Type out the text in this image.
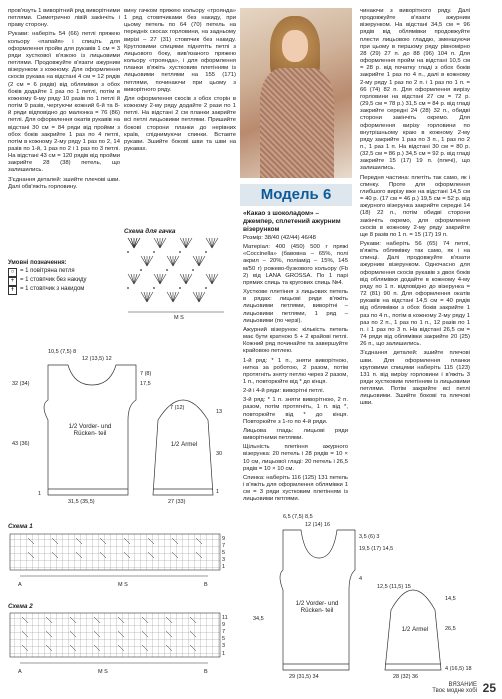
пров'язуть 1 виворітний ряд виворітними петлями. Симетрично лівій закінчіть і праву сторону.

Рукави: наберіть 54 (66) петлі пряжею кольору «папайя» і спиціть для оформлення пройм для рукавів 1 см = 3 ряди хусткової в'язкою із лицьовими петлями. Продовжуйте в'язати ажурним візерунком з кожному. Для оформлення скосів рукава на відстані 4 см = 12 рядів (2 см = 6 рядів) від облямівки з обох боків додайте 1 раз по 1 петлі, потім в кожному 6-му ряду 10 разів по 1 петлі й потім 9 разів, чергуючи кожний 6-й та 8-й ряди відповідно до малюнка = 76 (86) петлі. Для оформлення окатів рукавів на відстані 30 см = 84 ряди від пройми з обох боків закрийте 1 раз по 4 петлі, потім в кожному 2-му ряду 1 раз по 2, 14 разів по 1-й, 1 раз по 2 і 1 раз по 3 петлі. На відстані 43 см = 120 рядів від пройми закрийте 28 (38) петель, що залишились.

З'єднання деталей: зшийте плечові шви. Далі обв'яжіть горловину.

Умовні позначення:
○ = 1 повітряна петля
+ = 1 стовпчик без накиду
Ŧ = 1 стовпчик з накидом

вину гачком пряжею кольору «троянда» 1 ряд стовпчиками без накиду, при цьому петель по 64 (70) петель на передніх скосах горловини, на задньому вирізі – 27 (31) стовпчик без накиду. Кругловими спицями піднятіть петлі з лицьового боку, вив'язаного пряжею кольору «троянда», і для оформлення планки в'яжіть хустковим плетінням із лицьовими петлями на 155 (171) петлями, починаючи при цьому з виворітного ряду.

Для оформлення скосів з обох сторін в кожному 2-му ряду додайте 2 рази по 1 петлі. На відстані 2 см планки закрийте всі петлі лицьовими петлями. Пришийте бокові сторони планки до нерівних країв, спіднимуючи спинки. Вставте рукави. Зшийте бокові шви та шви на рукавах.

Схема для гачка
M S
Модель 6
«Какао з шоколадом» – джемпер, сплетений ажурним візерунком

Розмір: 38/40 (42/44) 46/48

Матеріал: 400 (450) 500 г пряжі «Coccinella» (бавовна – 65%, полі акрил – 20%, поліамід – 15%, 145 м/50 г) рожево-бузкового кольору (Fb 2) від LANA GROSSA. По 1 парі прямих спиць та кругових спиць №4.

Хусткове плетіння з лицьових петель в рядах: лицьові ряди в'яжіть лицьовими петлями, виворітні – лицьовими петлями, 1 ряд – лицьовими (по черзі).

Ажурний візерунок: кількість петель має бути кратною 5 + 2 крайові петлі. Кожний ряд починайте та завершуйте крайовою петлею.

1-й ряд: * 1 п., зняти виворітною, нитка за роботою, 2 разом, потім протягніть зняту петлю через 2 разом, 1 п., повторюйте від * до кінця.

2-й і 4-й ряди: виворітні петлі.

3-й ряд: * 1 п. зняти виворітною, 2 п. разом, потім протягніть, 1 п. від *, повторюйте від * до кінця. Повторюйте з 1-го по 4-й ряди.

Лицьова гладь: лицьові ряди виворітними петлями.

Щільність плетіння ажурного візерунка: 20 петель і 28 рядів = 10 × 10 см, лицьової гладі: 20 петель і 26,5 рядів = 10 × 10 см.

Спинка: наберіть 116 (125) 131 петель і в'яжіть для оформлення облямівки 1 см = 3 ряди хустковим плетінням із лицьовими петлями.

чинаючи з виворітного ряду. Далі продовжуйте в'язати ажурним візерунком. На відстані 34,5 см = 96 рядів від облямівки продовжуйте плести лицьовою гладдю, зменшуючи при цьому в першому ряду рівномірно 28 (29) 27 п. до 88 (96) 104 п. Для оформлення пройм на відстані 10,5 см = 28 р. від початку гладі з обох боків закрийте 1 раз по 4 п., далі в кожному 2-му ряду 1 раз по 2 п. і 1 раз по 1 п. = 66 (74) 82 п. Для оформлення вирізу горловини на відстані 27 см = 72 р. (29,5 см = 78 р.) 31,5 см = 84 р. від гладі закрийте середні 24 (28) 32 п., обидві сторони закінчіть окремо. Для оформлення вирізу горловини по внутрішньому краю в кожному 2-му ряду закрийте 1 раз по 3 п., 1 раз по 2 п., 1 раз 1 п. На відстані 30 см = 80 р. (32,5 см = 86 р.) 34,5 см = 92 р. від гладі закрийте 15 (17) 19 п. (плечі), що залишились.

Передня частина: плетіть так само, як і спинку. Проте для оформлення глибшого вирізу вже на відстані 14,5 см = 40 р. (17 см = 46 р.) 19,5 см = 52 р. від ажурного візерунка закрийте середні 14 (18) 22 п., потім обидві сторони закінчіть окремо, для оформлення скосів в кожному 2-му ряду закрийте ще 8 разів по 1 п. = 15 (17) 19 п.

Рукави: наберіть 56 (65) 74 петлі, в'яжіть облямівку так само, як і на спинці. Далі продовжуйте в'язати ажурним візерунком. Одночасно для оформлення скосів рукавів з двох боків від облямівки додайте в кожному 4-му ряду по 1 п. відповідно до візерунка = 72 (81) 90 п. Для оформлення окатів рукавів на відстані 14,5 см = 40 рядів від облямівки з обох боків закрийте 1 раз по 4 п., потім в кожному 2-му ряду 1 раз по 2 п., 1 раз по 1 п., 12 разів по 1 п. і 1 раз по 3 п. На відстані 26,5 см = 74 ряди від облямівки закрийте 20 (25) 26 п., що залишились.

З'єднання деталей: зшийте плечові шви. Для оформлення планки круговими спицями наберіть 115 (123) 131 п. від вирізу горловини і в'яжіть 3 ряди хустковим плетінням із лицьовими петлями. Потім закрийте всі петлі лицьовими. Зшийте бокові та плечові шви.

10,5 (7,5) 8
12 (13,5) 12
17,5
7 (8)
32 (34)
43 (36)
1
1/2 Vorder- und Rücken- teil
31,5 (35,5)
1/2 Ärmel
7 (12)
13
27 (33)
30
1
Схема 1
9
7
5
3
1
A	M S	B
Схема 2
11
9
7
5
3
1
A	M S	B
6,5 (7,5) 8,5
12 (14) 16
19,5 (17) 14,5
4
3,5 (6) 3
34,5
1/2 Vorder- und Rücken- teil
29 (31,5) 34
1/2 Ärmel
12,5 (11,5) 15
26,5
14,5
28 (32) 36
4 (16,5) 18
ВЯЗАНИЕ
Твоє модне хобі 25
